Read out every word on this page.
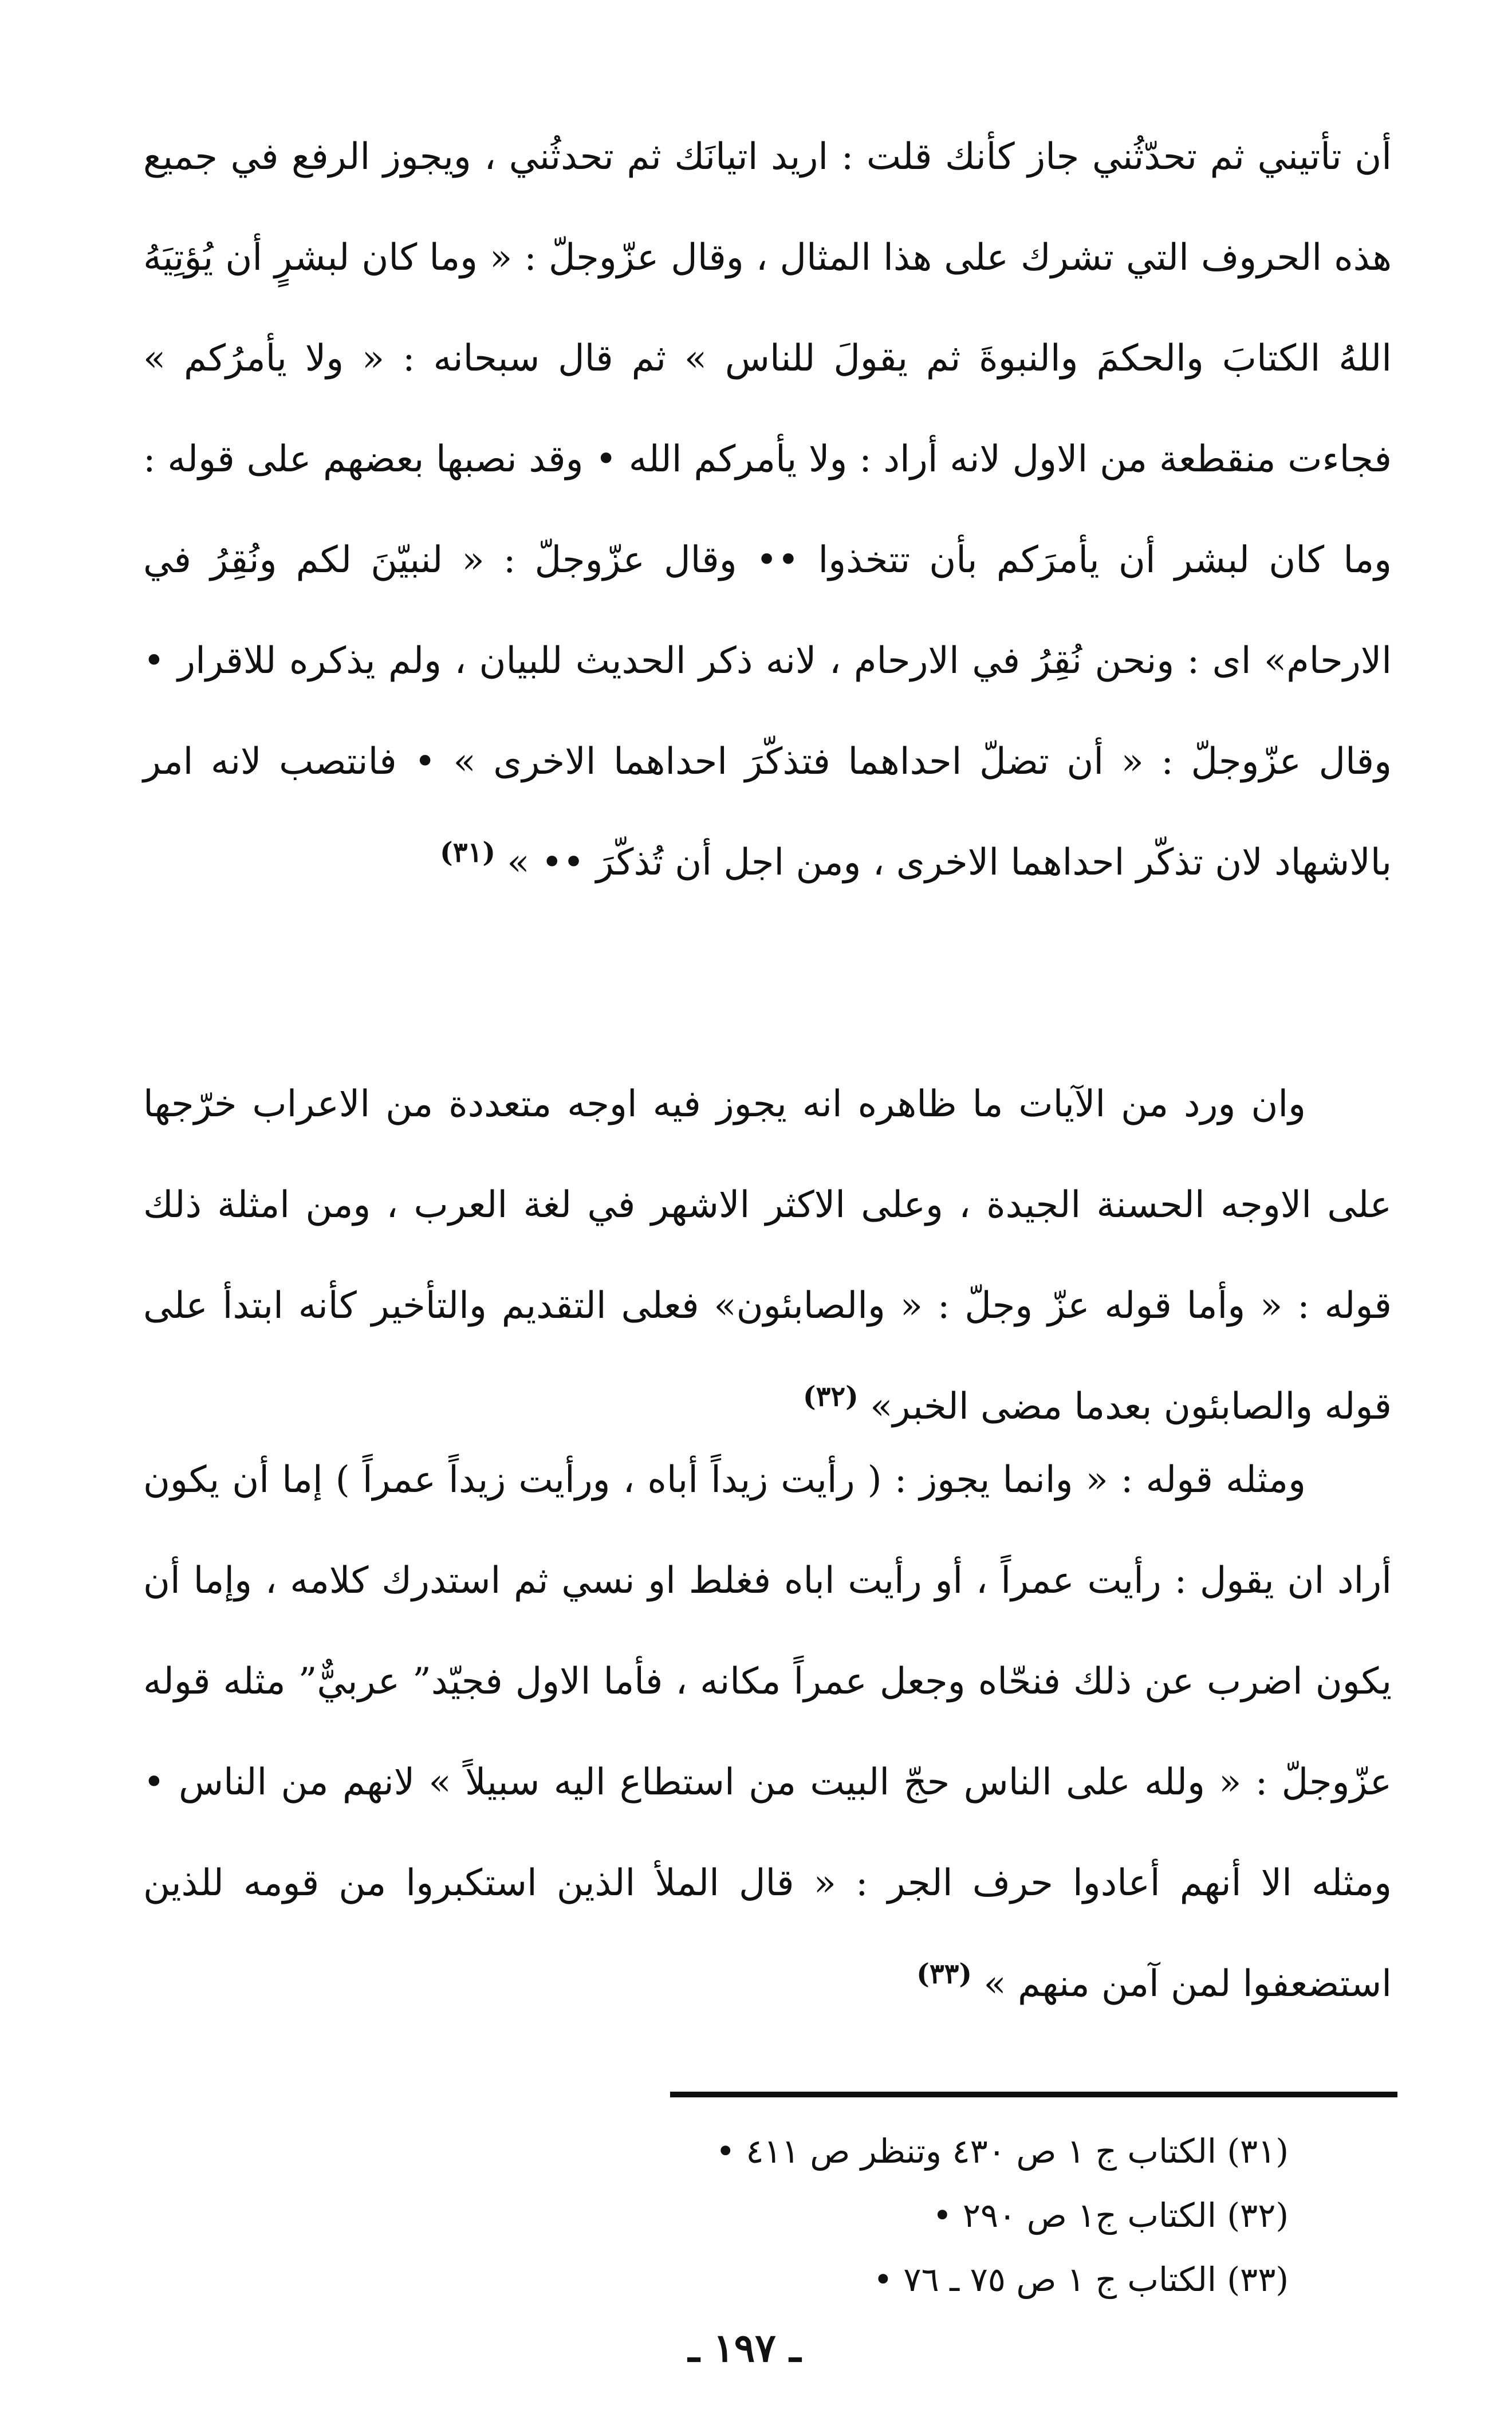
أن تأتيني ثم تحدّثُني جاز كأنك قلت : اريد اتيانَك ثم تحدثُني ، ويجوز الرفع في جميع هذه الحروف التي تشرك على هذا المثال ، وقال عزّوجلّ : « وما كان لبشرٍ أن يُؤتِيَهُ اللهُ الكتابَ والحكمَ والنبوةَ ثم يقولَ للناس » ثم قال سبحانه : « ولا يأمرُكم » فجاءت منقطعة من الاول لانه أراد : ولا يأمركم الله • وقد نصبها بعضهم على قوله : وما كان لبشر أن يأمرَكم بأن تتخذوا •• وقال عزّوجلّ : « لنبيّنَ لكم ونُقِرُ في الارحام» اى : ونحن نُقِرُ في الارحام ، لانه ذكر الحديث للبيان ، ولم يذكره للاقرار • وقال عزّوجلّ : « أن تضلّ احداهما فتذكّرَ احداهما الاخرى » • فانتصب لانه امر بالاشهاد لان تذكّر احداهما الاخرى ، ومن اجل أن تُذكّرَ •• » $^{(٣١)}$

وان ورد من الآيات ما ظاهره انه يجوز فيه اوجه متعددة من الاعراب خرّجها على الاوجه الحسنة الجيدة ، وعلى الاكثر الاشهر في لغة العرب ، ومن امثلة ذلك قوله : « وأما قوله عزّ وجلّ : « والصابئون» فعلى التقديم والتأخير كأنه ابتدأ على قوله والصابئون بعدما مضى الخبر» $^{(٣٢)}$

ومثله قوله : « وانما يجوز : ( رأيت زيداً أباه ، ورأيت زيداً عمراً ) إما أن يكون أراد ان يقول : رأيت عمراً ، أو رأيت اباه فغلط او نسي ثم استدرك كلامه ، وإما أن يكون اضرب عن ذلك فنحّاه وجعل عمراً مكانه ، فأما الاول فجيّد” عربيٌّ” مثله قوله عزّوجلّ : « ولله على الناس حجّ البيت من استطاع اليه سبيلاً » لانهم من الناس • ومثله الا أنهم أعادوا حرف الجر : « قال الملأ الذين استكبروا من قومه للذين استضعفوا لمن آمن منهم » $^{(٣٣)}$

(٣١) الكتاب ج ١ ص ٤٣٠ وتنظر ص ٤١١ •
(٣٢) الكتاب ج١ ص ٢٩٠ •
(٣٣) الكتاب ج ١ ص ٧٥ ـ ٧٦ •
ـ ١٩٧ ـ
